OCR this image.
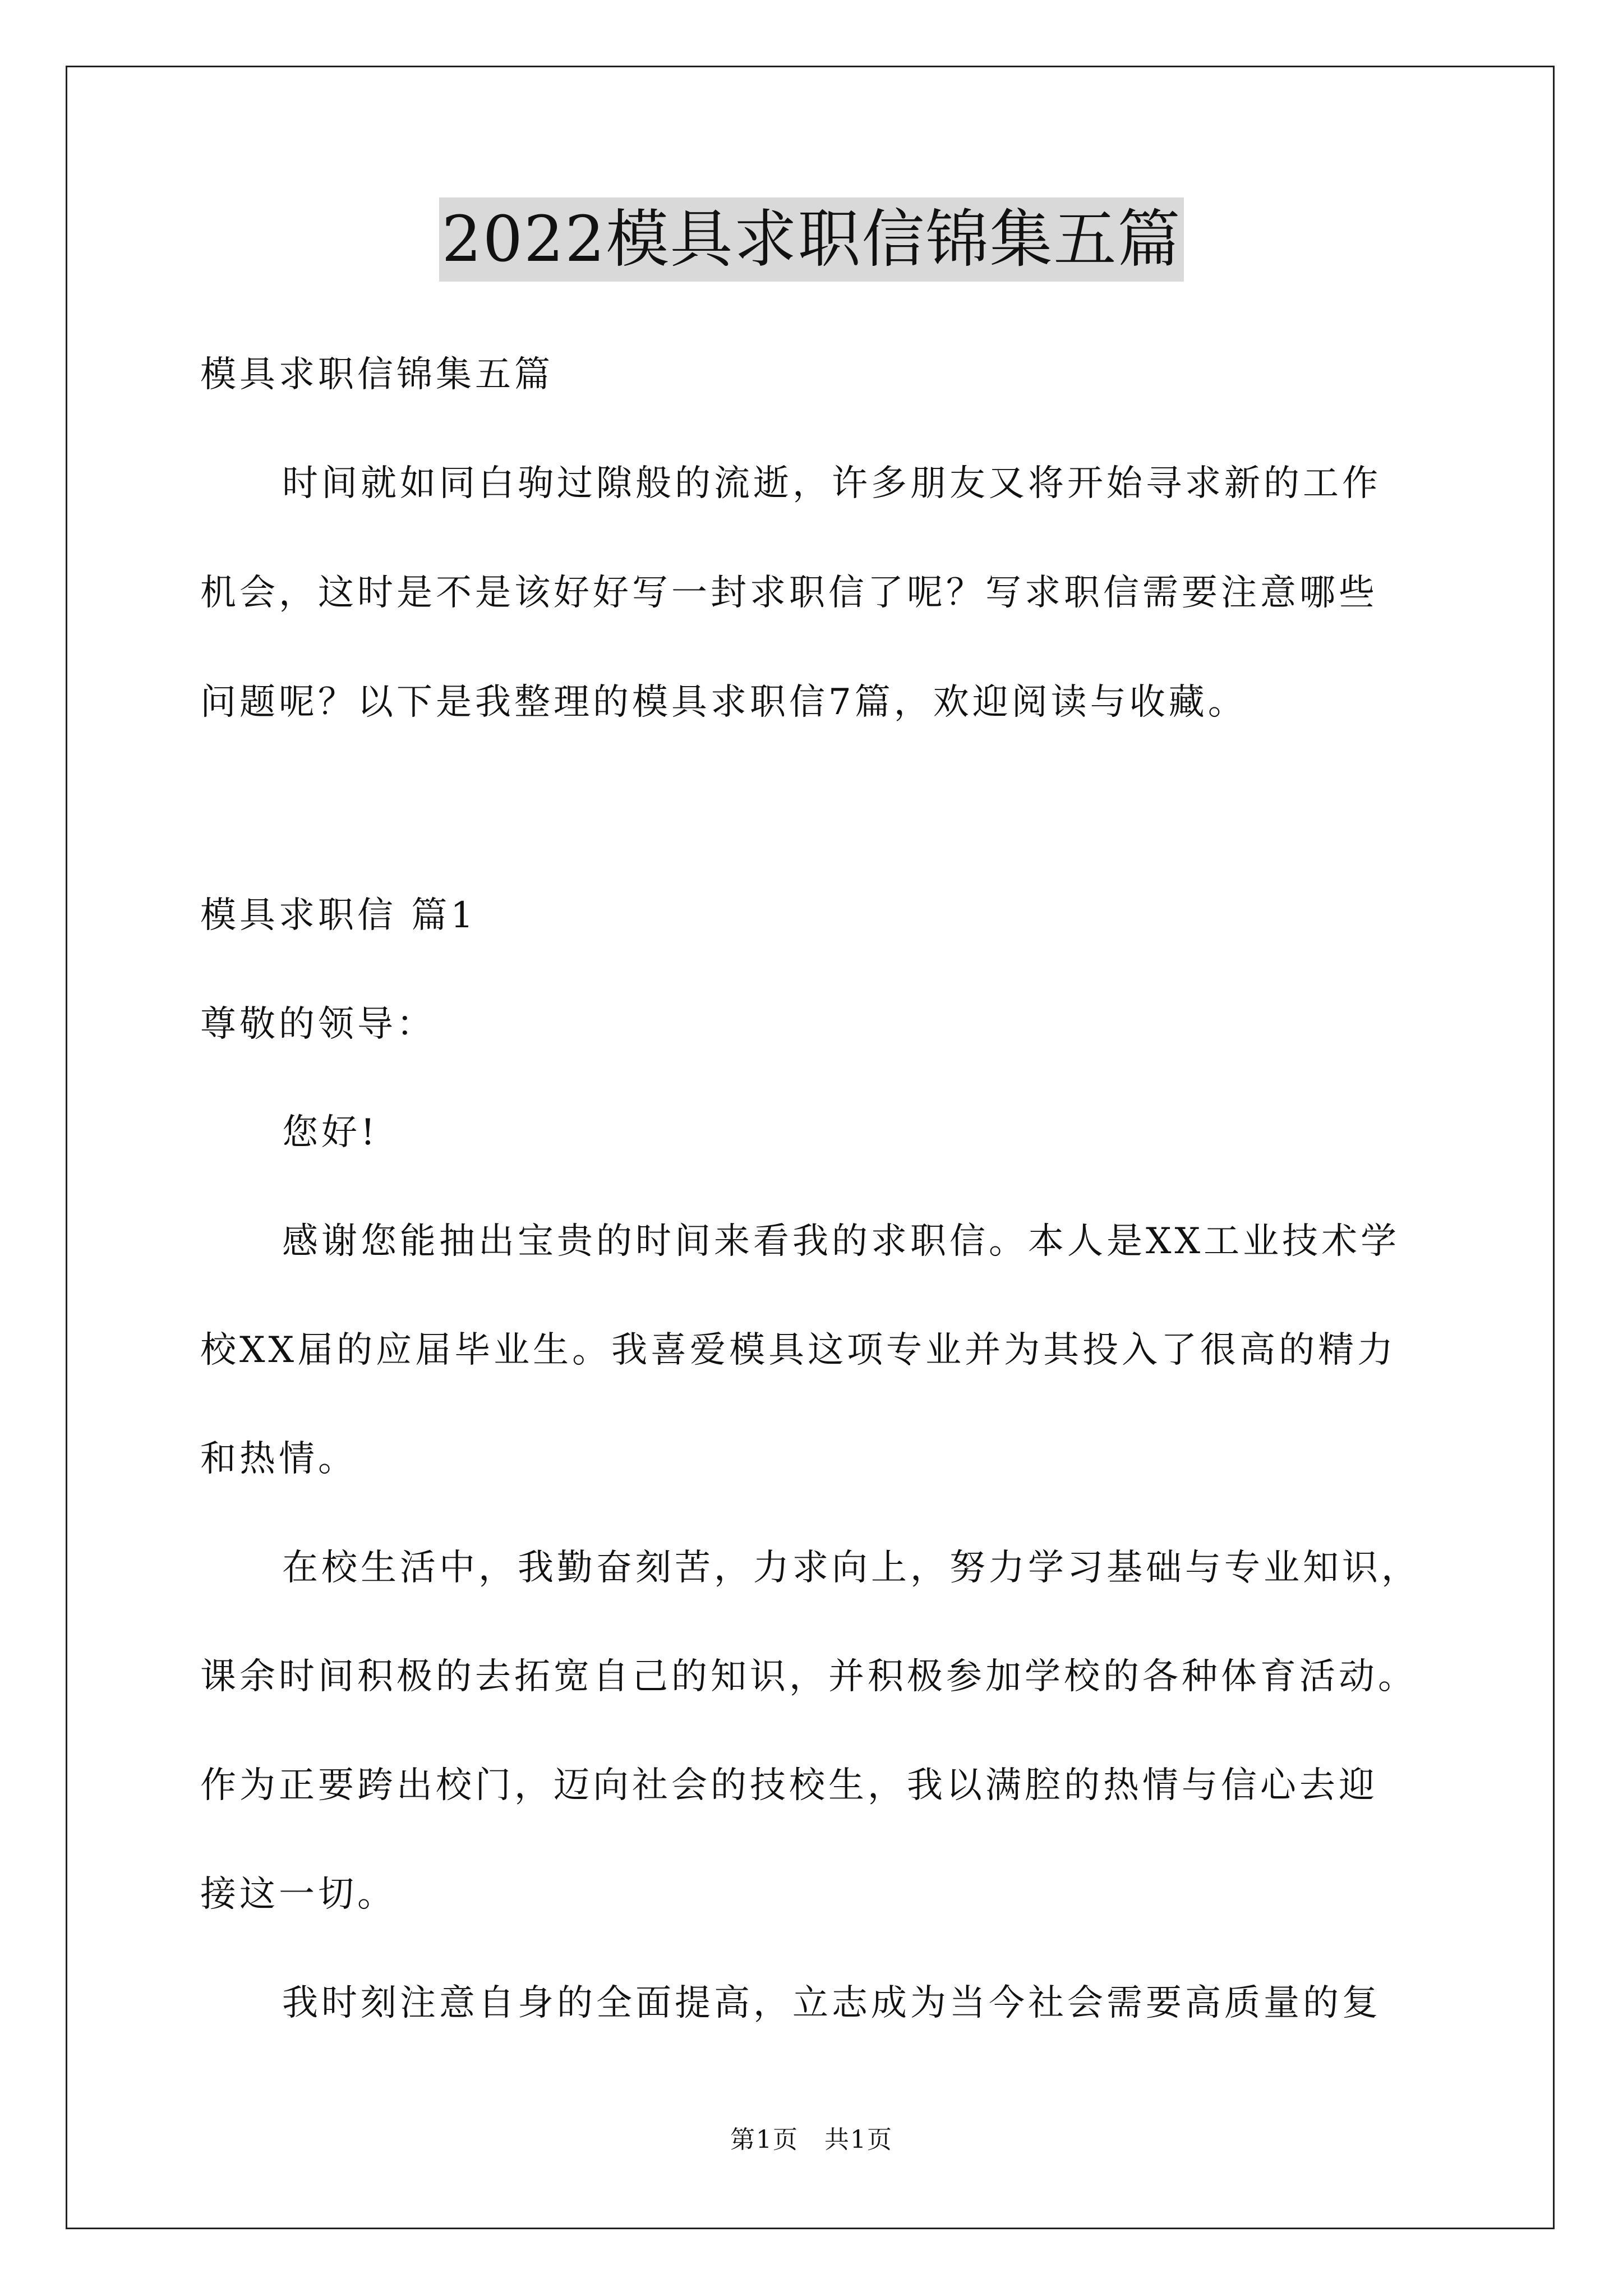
2022模具求职信锦集五篇
模具求职信锦集五篇
时间就如同白驹过隙般的流逝，许多朋友又将开始寻求新的工作
机会，这时是不是该好好写一封求职信了呢？写求职信需要注意哪些
问题呢？以下是我整理的模具求职信7篇，欢迎阅读与收藏。
模具求职信 篇1
尊敬的领导：
您好!
感谢您能抽出宝贵的时间来看我的求职信。本人是XX工业技术学
校XX届的应届毕业生。我喜爱模具这项专业并为其投入了很高的精力
和热情。
在校生活中，我勤奋刻苦，力求向上，努力学习基础与专业知识，
课余时间积极的去拓宽自己的知识，并积极参加学校的各种体育活动。
作为正要跨出校门，迈向社会的技校生，我以满腔的热情与信心去迎
接这一切。
我时刻注意自身的全面提高，立志成为当今社会需要高质量的复
第1页　共1页
